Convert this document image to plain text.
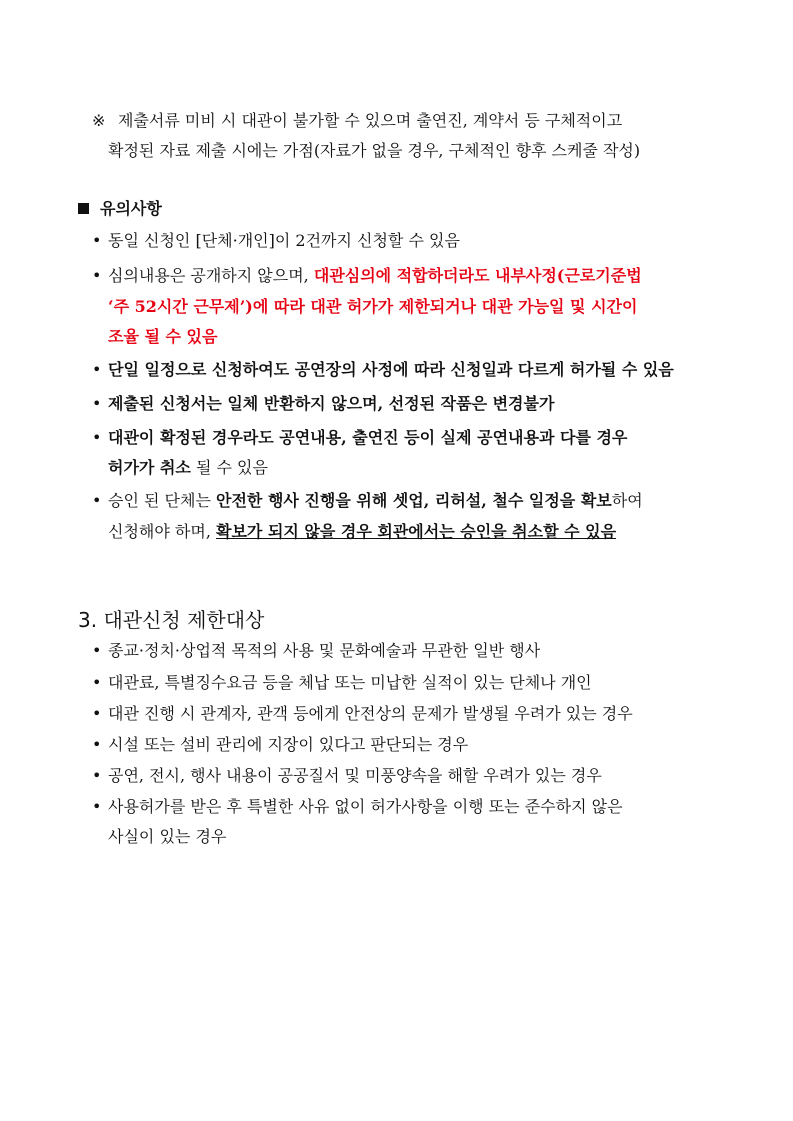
※ 제출서류 미비 시 대관이 불가할 수 있으며 출연진, 계약서 등 구체적이고
확정된 자료 제출 시에는 가점(자료가 없을 경우, 구체적인 향후 스케줄 작성)
유의사항
• 동일 신청인 [단체·개인]이 2건까지 신청할 수 있음
• 심의내용은 공개하지 않으며, 대관심의에 적합하더라도 내부사정(근로기준법
‘주 52시간 근무제’)에 따라 대관 허가가 제한되거나 대관 가능일 및 시간이
조율 될 수 있음
• 단일 일정으로 신청하여도 공연장의 사정에 따라 신청일과 다르게 허가될 수 있음
• 제출된 신청서는 일체 반환하지 않으며, 선정된 작품은 변경불가
• 대관이 확정된 경우라도 공연내용, 출연진 등이 실제 공연내용과 다를 경우
허가가 취소 될 수 있음
• 승인 된 단체는 안전한 행사 진행을 위해 셋업, 리허설, 철수 일정을 확보하여
신청해야 하며, 확보가 되지 않을 경우 회관에서는 승인을 취소할 수 있음
3. 대관신청 제한대상
• 종교·정치·상업적 목적의 사용 및 문화예술과 무관한 일반 행사
• 대관료, 특별징수요금 등을 체납 또는 미납한 실적이 있는 단체나 개인
• 대관 진행 시 관계자, 관객 등에게 안전상의 문제가 발생될 우려가 있는 경우
• 시설 또는 설비 관리에 지장이 있다고 판단되는 경우
• 공연, 전시, 행사 내용이 공공질서 및 미풍양속을 해할 우려가 있는 경우
• 사용허가를 받은 후 특별한 사유 없이 허가사항을 이행 또는 준수하지 않은
사실이 있는 경우
